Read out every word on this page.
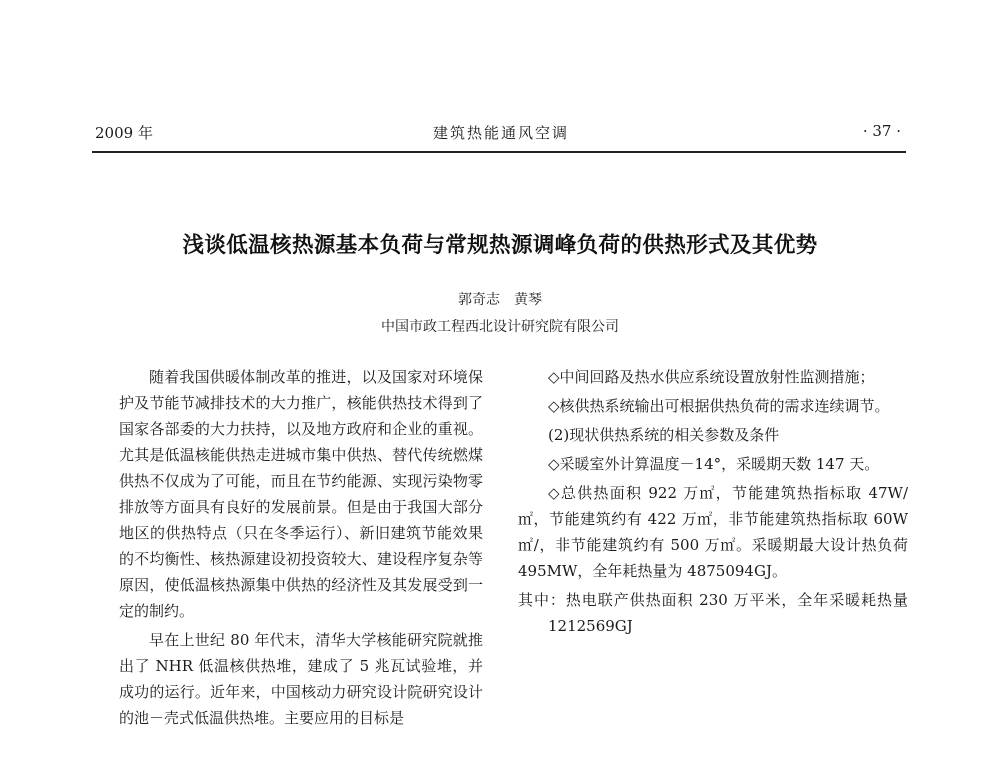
2009 年	建筑热能通风空调	· 37 ·
浅谈低温核热源基本负荷与常规热源调峰负荷的供热形式及其优势
郭奇志　黄琴
中国市政工程西北设计研究院有限公司

随着我国供暖体制改革的推进，以及国家对环境保护及节能节减排技术的大力推广，核能供热技术得到了国家各部委的大力扶持，以及地方政府和企业的重视。尤其是低温核能供热走进城市集中供热、替代传统燃煤供热不仅成为了可能，而且在节约能源、实现污染物零排放等方面具有良好的发展前景。但是由于我国大部分地区的供热特点（只在冬季运行）、新旧建筑节能效果的不均衡性、核热源建设初投资较大、建设程序复杂等原因，使低温核热源集中供热的经济性及其发展受到一定的制约。

早在上世纪 80 年代末，清华大学核能研究院就推出了 NHR 低温核供热堆，建成了 5 兆瓦试验堆，并成功的运行。近年来，中国核动力研究设计院研究设计的池－壳式低温供热堆。主要应用的目标是

◇中间回路及热水供应系统设置放射性监测措施；

◇核供热系统输出可根据供热负荷的需求连续调节。

(2)现状供热系统的相关参数及条件

◇采暖室外计算温度－14°，采暖期天数 147 天。

◇总供热面积 922 万㎡，节能建筑热指标取 47W/㎡，节能建筑约有 422 万㎡，非节能建筑热指标取 60W ㎡/，非节能建筑约有 500 万㎡。采暖期最大设计热负荷 495MW，全年耗热量为 4875094GJ。

其中：热电联产供热面积 230 万平米，全年采暖耗热量 1212569GJ
